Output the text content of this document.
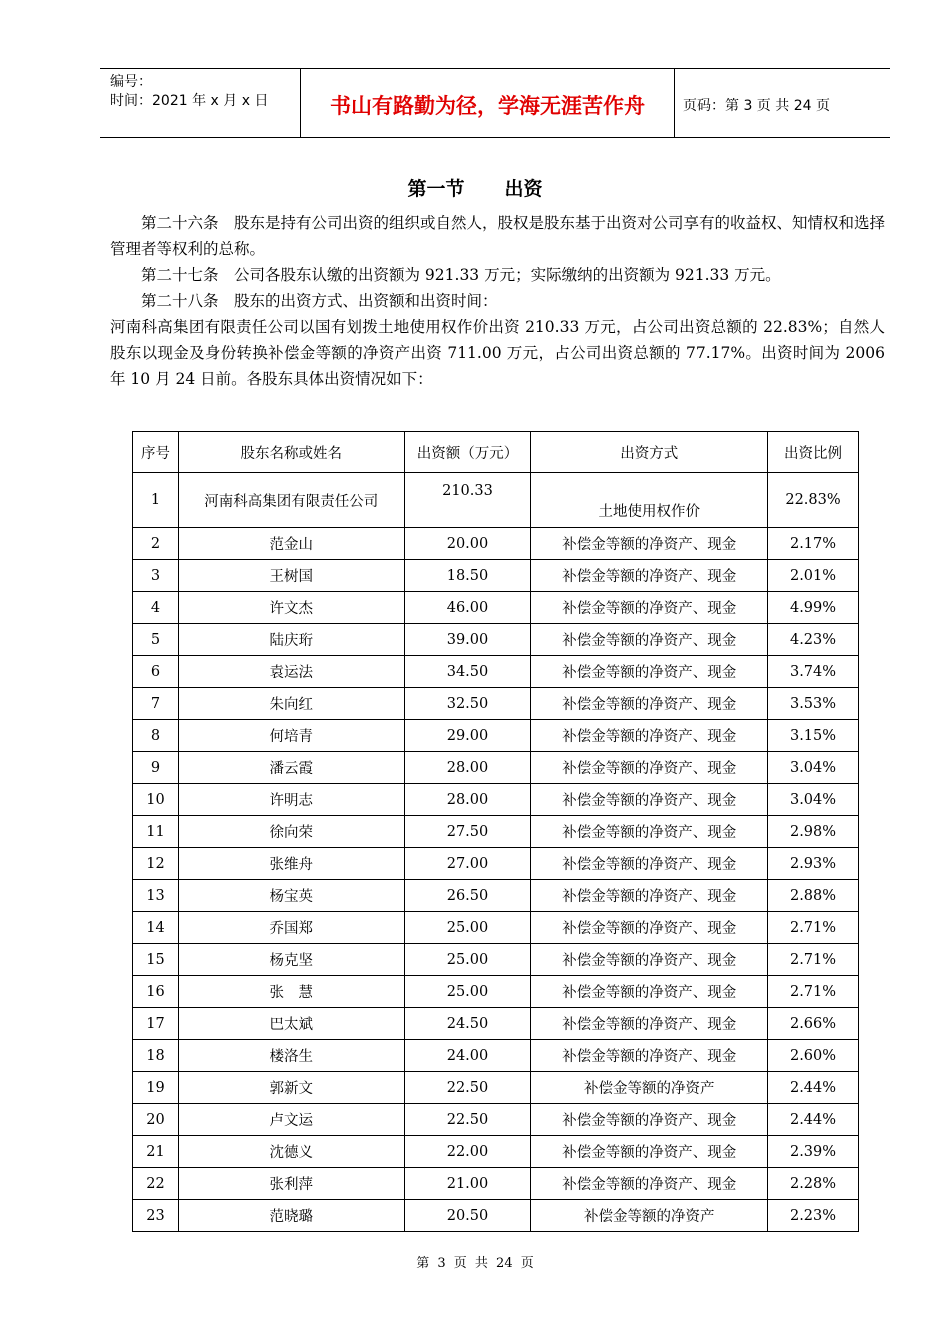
编号：
时间：2021 年 x 月 x 日	书山有路勤为径，学海无涯苦作舟	页码：第 3 页 共 24 页
第一节 出资

第二十六条　股东是持有公司出资的组织或自然人，股权是股东基于出资对公司享有的收益权、知情权和选择管理者等权利的总称。

第二十七条　公司各股东认缴的出资额为 921.33 万元；实际缴纳的出资额为 921.33 万元。

第二十八条　股东的出资方式、出资额和出资时间：

河南科高集团有限责任公司以国有划拨土地使用权作价出资 210.33 万元，占公司出资总额的 22.83%；自然人股东以现金及身份转换补偿金等额的净资产出资 711.00 万元，占公司出资总额的 77.17%。出资时间为 2006 年 10 月 24 日前。各股东具体出资情况如下：

序号	股东名称或姓名	出资额（万元）	出资方式	出资比例
1	河南科高集团有限责任公司	210.33	土地使用权作价	22.83%
2	范金山	20.00	补偿金等额的净资产、现金	2.17%
3	王树国	18.50	补偿金等额的净资产、现金	2.01%
4	许文杰	46.00	补偿金等额的净资产、现金	4.99%
5	陆庆珩	39.00	补偿金等额的净资产、现金	4.23%
6	袁运法	34.50	补偿金等额的净资产、现金	3.74%
7	朱向红	32.50	补偿金等额的净资产、现金	3.53%
8	何培青	29.00	补偿金等额的净资产、现金	3.15%
9	潘云霞	28.00	补偿金等额的净资产、现金	3.04%
10	许明志	28.00	补偿金等额的净资产、现金	3.04%
11	徐向荣	27.50	补偿金等额的净资产、现金	2.98%
12	张维舟	27.00	补偿金等额的净资产、现金	2.93%
13	杨宝英	26.50	补偿金等额的净资产、现金	2.88%
14	乔国郑	25.00	补偿金等额的净资产、现金	2.71%
15	杨克坚	25.00	补偿金等额的净资产、现金	2.71%
16	张　慧	25.00	补偿金等额的净资产、现金	2.71%
17	巴太斌	24.50	补偿金等额的净资产、现金	2.66%
18	楼洛生	24.00	补偿金等额的净资产、现金	2.60%
19	郭新文	22.50	补偿金等额的净资产	2.44%
20	卢文运	22.50	补偿金等额的净资产、现金	2.44%
21	沈德义	22.00	补偿金等额的净资产、现金	2.39%
22	张利萍	21.00	补偿金等额的净资产、现金	2.28%
23	范晓璐	20.50	补偿金等额的净资产	2.23%
第 3 页 共 24 页
